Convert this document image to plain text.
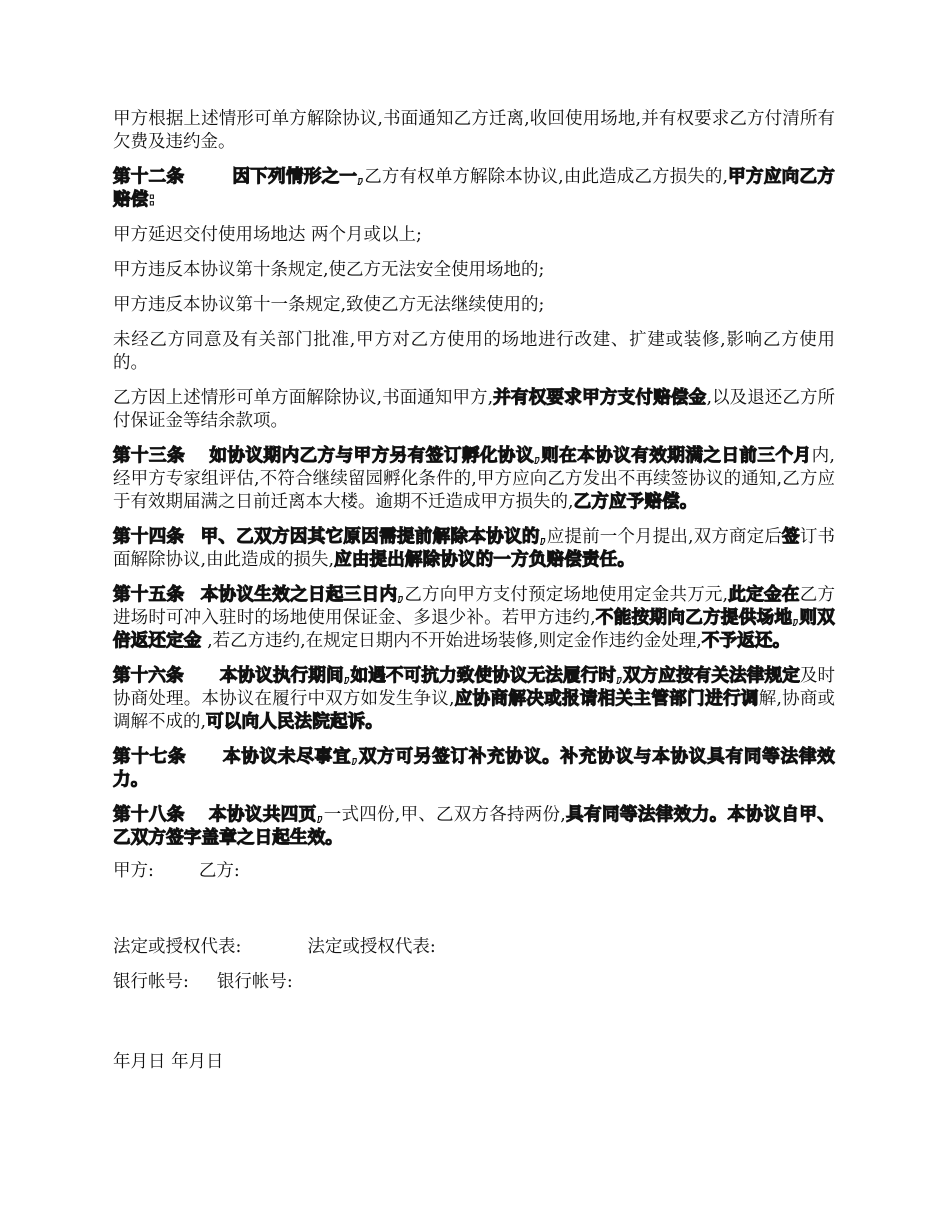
甲方根据上述情形可单方解除协议,书面通知乙方迁离,收回使用场地,并有权要求乙方付清所有欠费及违约金。

第十二条	因下列情形之一,乙方有权单方解除本协议,由此造成乙方损失的,甲方应向乙方赔偿:

甲方延迟交付使用场地达 两个月或以上;

甲方违反本协议第十条规定,使乙方无法安全使用场地的;

甲方违反本协议第十一条规定,致使乙方无法继续使用的;

未经乙方同意及有关部门批准,甲方对乙方使用的场地进行改建、扩建或装修,影响乙方使用的。

乙方因上述情形可单方面解除协议,书面通知甲方,并有权要求甲方支付赔偿金,以及退还乙方所付保证金等结余款项。

第十三条 如协议期内乙方与甲方另有签订孵化协议,则在本协议有效期满之日前三个月内,经甲方专家组评估,不符合继续留园孵化条件的,甲方应向乙方发出不再续签协议的通知,乙方应于有效期届满之日前迁离本大楼。逾期不迁造成甲方损失的,乙方应予赔偿。

第十四条 甲、乙双方因其它原因需提前解除本协议的,应提前一个月提出,双方商定后签订书面解除协议,由此造成的损失,应由提出解除协议的一方负赔偿责任。

第十五条 本协议生效之日起三日内,乙方向甲方支付预定场地使用定金共万元,此定金在乙方进场时可冲入驻时的场地使用保证金、多退少补。若甲方违约,不能按期向乙方提供场地,则双倍返还定金 ,若乙方违约,在规定日期内不开始进场装修,则定金作违约金处理,不予返还。

第十六条 本协议执行期间,如遇不可抗力致使协议无法履行时,双方应按有关法律规定及时协商处理。本协议在履行中双方如发生争议,应协商解决或报请相关主管部门进行调解,协商或调解不成的,可以向人民法院起诉。

第十七条 本协议未尽事宜,双方可另签订补充协议。补充协议与本协议具有同等法律效力。

第十八条 本协议共四页,一式四份,甲、乙双方各持两份,具有同等法律效力。本协议自甲、乙双方签字盖章之日起生效。

甲方:	乙方:
法定或授权代表:	法定或授权代表:
银行帐号: 银行帐号:
年月日 年月日
